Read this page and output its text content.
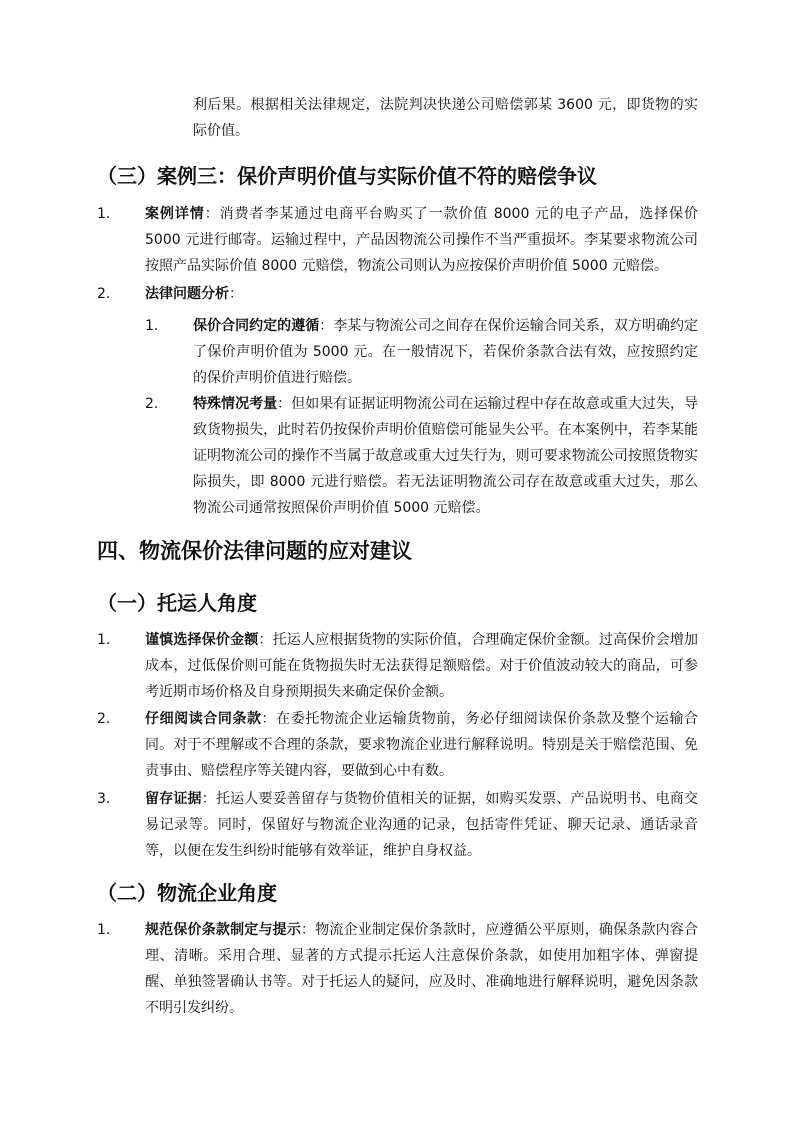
利后果。根据相关法律规定，法院判决快递公司赔偿郭某 3600 元，即货物的实际价值。

（三）案例三：保价声明价值与实际价值不符的赔偿争议
1. 案例详情：消费者李某通过电商平台购买了一款价值 8000 元的电子产品，选择保价 5000 元进行邮寄。运输过程中，产品因物流公司操作不当严重损坏。李某要求物流公司按照产品实际价值 8000 元赔偿，物流公司则认为应按保价声明价值 5000 元赔偿。

2. 法律问题分析：

1. 保价合同约定的遵循：李某与物流公司之间存在保价运输合同关系，双方明确约定了保价声明价值为 5000 元。在一般情况下，若保价条款合法有效，应按照约定的保价声明价值进行赔偿。

2. 特殊情况考量：但如果有证据证明物流公司在运输过程中存在故意或重大过失，导致货物损失，此时若仍按保价声明价值赔偿可能显失公平。在本案例中，若李某能证明物流公司的操作不当属于故意或重大过失行为，则可要求物流公司按照货物实际损失，即 8000 元进行赔偿。若无法证明物流公司存在故意或重大过失，那么物流公司通常按照保价声明价值 5000 元赔偿。

四、物流保价法律问题的应对建议
（一）托运人角度
1. 谨慎选择保价金额：托运人应根据货物的实际价值，合理确定保价金额。过高保价会增加成本，过低保价则可能在货物损失时无法获得足额赔偿。对于价值波动较大的商品，可参考近期市场价格及自身预期损失来确定保价金额。

2. 仔细阅读合同条款：在委托物流企业运输货物前，务必仔细阅读保价条款及整个运输合同。对于不理解或不合理的条款，要求物流企业进行解释说明。特别是关于赔偿范围、免责事由、赔偿程序等关键内容，要做到心中有数。

3. 留存证据：托运人要妥善留存与货物价值相关的证据，如购买发票、产品说明书、电商交易记录等。同时，保留好与物流企业沟通的记录，包括寄件凭证、聊天记录、通话录音等，以便在发生纠纷时能够有效举证，维护自身权益。

（二）物流企业角度
1. 规范保价条款制定与提示：物流企业制定保价条款时，应遵循公平原则，确保条款内容合理、清晰。采用合理、显著的方式提示托运人注意保价条款，如使用加粗字体、弹窗提醒、单独签署确认书等。对于托运人的疑问，应及时、准确地进行解释说明，避免因条款不明引发纠纷。
